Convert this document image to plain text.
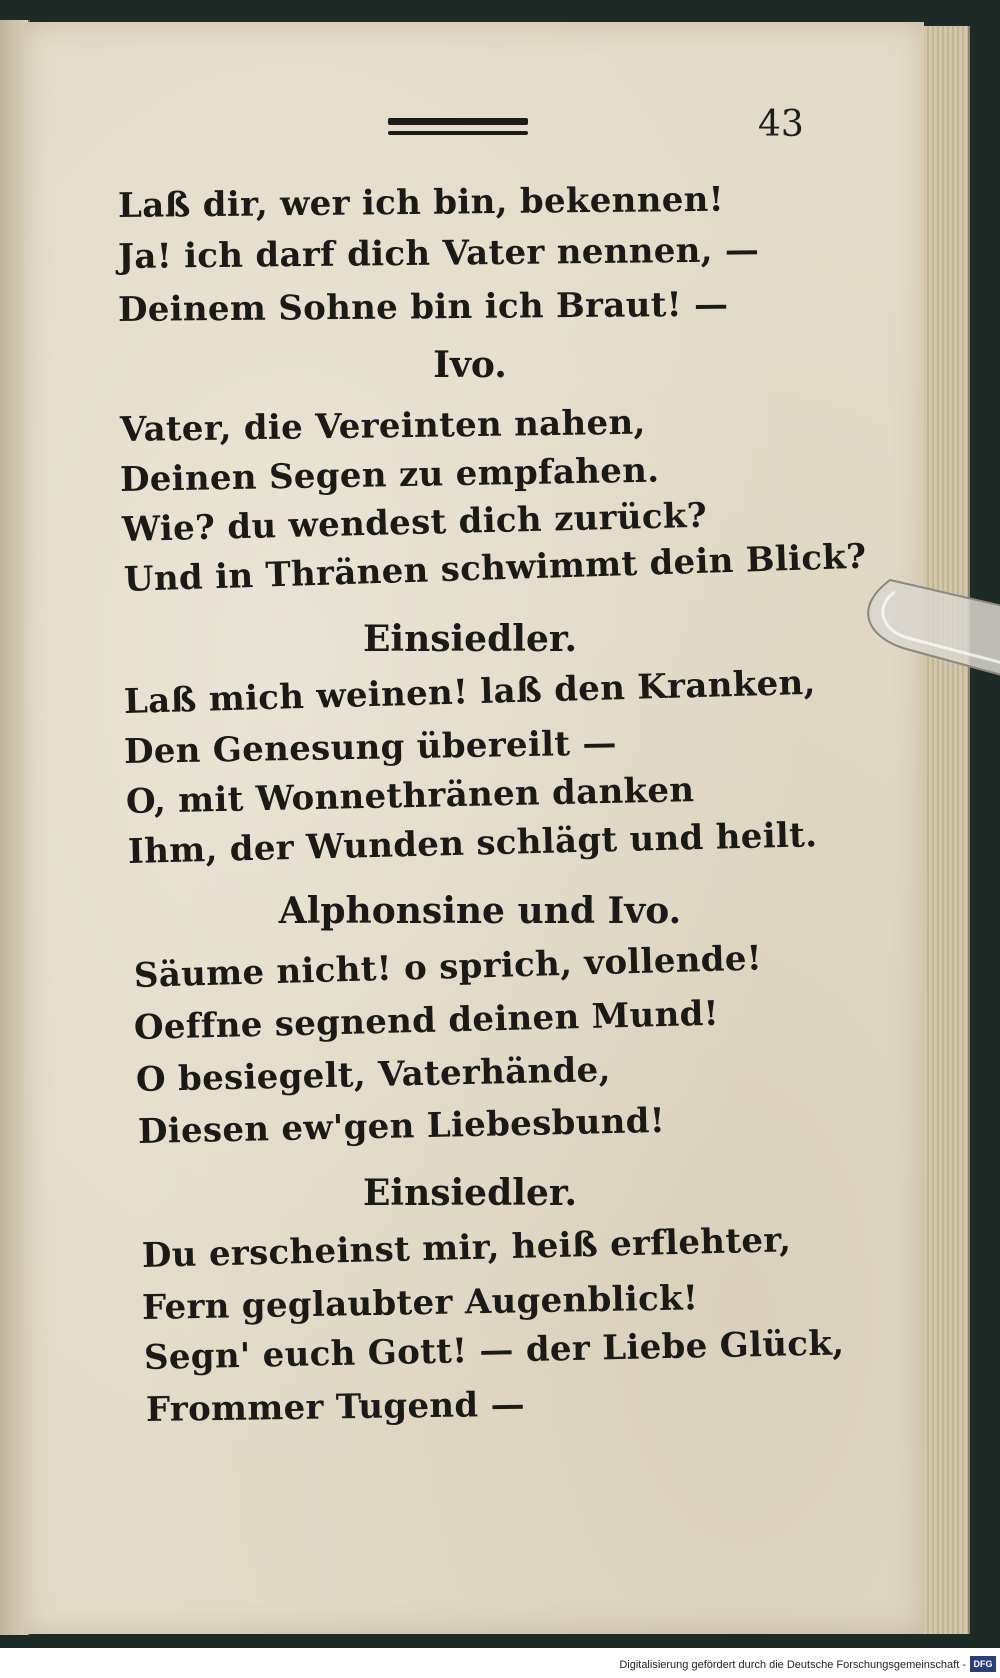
43
Laß dir, wer ich bin, bekennen!
Ja! ich darf dich Vater nennen, —
Deinem Sohne bin ich Braut! —
Ivo.
Vater, die Vereinten nahen,
Deinen Segen zu empfahen.
Wie? du wendest dich zurück?
Und in Thränen schwimmt dein Blick?
Einsiedler.
Laß mich weinen! laß den Kranken,
Den Genesung übereilt —
O, mit Wonnethränen danken
Ihm, der Wunden schlägt und heilt.
Alphonsine und Ivo.
Säume nicht! o sprich, vollende!
Oeffne segnend deinen Mund!
O besiegelt, Vaterhände,
Diesen ew'gen Liebesbund!
Einsiedler.
Du erscheinst mir, heiß erflehter,
Fern geglaubter Augenblick!
Segn' euch Gott! — der Liebe Glück,
Frommer Tugend —
Digitalisierung gefördert durch die Deutsche Forschungsgemeinschaft - DFG
